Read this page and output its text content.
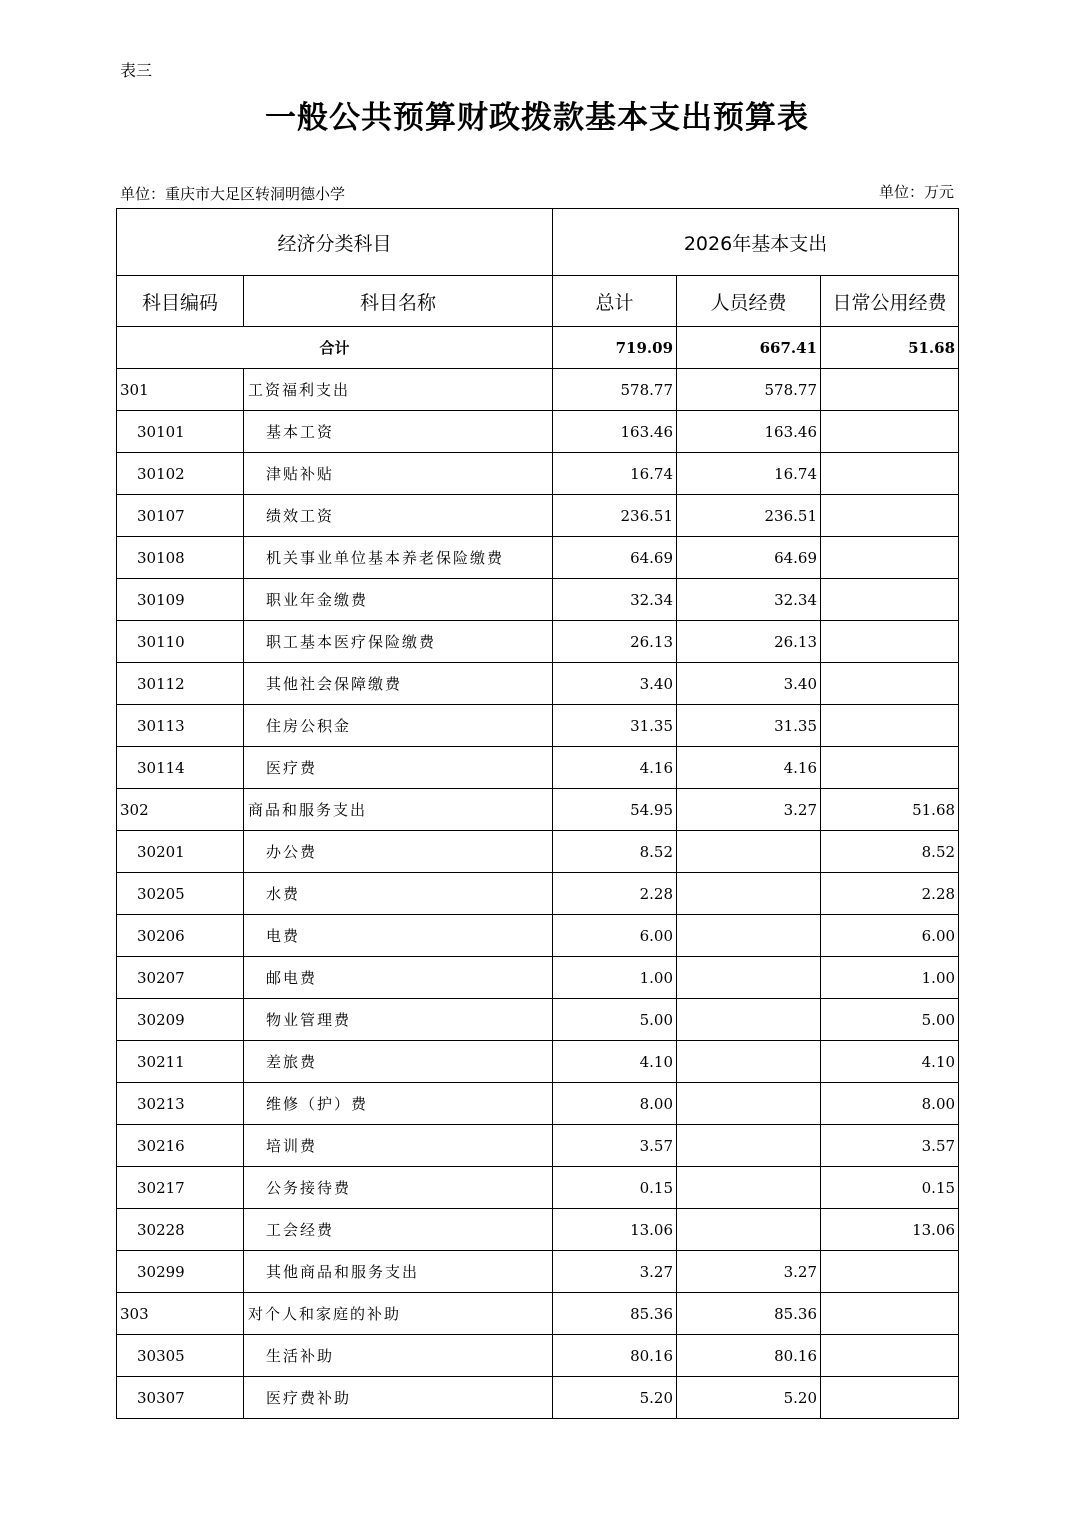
表三
一般公共预算财政拨款基本支出预算表
单位：重庆市大足区转洞明德小学	单位：万元
经济分类科目		2026年基本支出		
科目编码	科目名称	总计	人员经费	日常公用经费
合计		719.09	667.41	51.68
301	工资福利支出	578.77	578.77	
30101	基本工资	163.46	163.46	
30102	津贴补贴	16.74	16.74	
30107	绩效工资	236.51	236.51	
30108	机关事业单位基本养老保险缴费	64.69	64.69	
30109	职业年金缴费	32.34	32.34	
30110	职工基本医疗保险缴费	26.13	26.13	
30112	其他社会保障缴费	3.40	3.40	
30113	住房公积金	31.35	31.35	
30114	医疗费	4.16	4.16	
302	商品和服务支出	54.95	3.27	51.68
30201	办公费	8.52		8.52
30205	水费	2.28		2.28
30206	电费	6.00		6.00
30207	邮电费	1.00		1.00
30209	物业管理费	5.00		5.00
30211	差旅费	4.10		4.10
30213	维修（护）费	8.00		8.00
30216	培训费	3.57		3.57
30217	公务接待费	0.15		0.15
30228	工会经费	13.06		13.06
30299	其他商品和服务支出	3.27	3.27	
303	对个人和家庭的补助	85.36	85.36	
30305	生活补助	80.16	80.16	
30307	医疗费补助	5.20	5.20	
